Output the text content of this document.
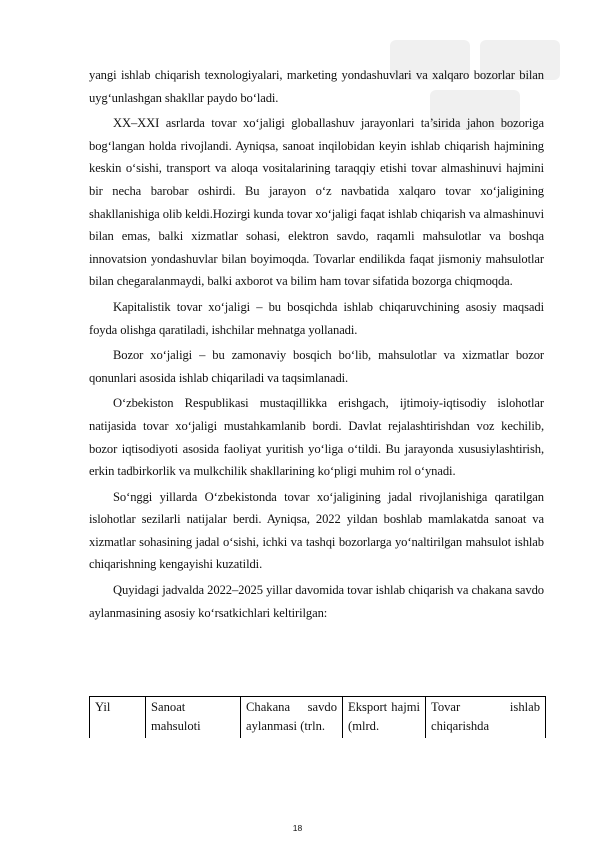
yangi ishlab chiqarish texnologiyalari, marketing yondashuvlari va xalqaro bozorlar bilan uyg‘unlashgan shakllar paydo bo‘ladi.

XX–XXI asrlarda tovar xo‘jaligi globallashuv jarayonlari ta’sirida jahon bozoriga bog‘langan holda rivojlandi. Ayniqsa, sanoat inqilobidan keyin ishlab chiqarish hajmining keskin o‘sishi, transport va aloqa vositalarining taraqqiy etishi tovar almashinuvi hajmini bir necha barobar oshirdi. Bu jarayon o‘z navbatida xalqaro tovar xo‘jaligining shakllanishiga olib keldi.Hozirgi kunda tovar xo‘jaligi faqat ishlab chiqarish va almashinuvi bilan emas, balki xizmatlar sohasi, elektron savdo, raqamli mahsulotlar va boshqa innovatsion yondashuvlar bilan boyimoqda. Tovarlar endilikda faqat jismoniy mahsulotlar bilan chegaralanmaydi, balki axborot va bilim ham tovar sifatida bozorga chiqmoqda.

Kapitalistik tovar xo‘jaligi – bu bosqichda ishlab chiqaruvchining asosiy maqsadi foyda olishga qaratiladi, ishchilar mehnatga yollanadi.

Bozor xo‘jaligi – bu zamonaviy bosqich bo‘lib, mahsulotlar va xizmatlar bozor qonunlari asosida ishlab chiqariladi va taqsimlanadi.

O‘zbekiston Respublikasi mustaqillikka erishgach, ijtimoiy-iqtisodiy islohotlar natijasida tovar xo‘jaligi mustahkamlanib bordi. Davlat rejalashtirishdan voz kechilib, bozor iqtisodiyoti asosida faoliyat yuritish yo‘liga o‘tildi. Bu jarayonda xususiylashtirish, erkin tadbirkorlik va mulkchilik shakllarining ko‘pligi muhim rol o‘ynadi.

So‘nggi yillarda O‘zbekistonda tovar xo‘jaligining jadal rivojlanishiga qaratilgan islohotlar sezilarli natijalar berdi. Ayniqsa, 2022 yildan boshlab mamlakatda sanoat va xizmatlar sohasining jadal o‘sishi, ichki va tashqi bozorlarga yo‘naltirilgan mahsulot ishlab chiqarishning kengayishi kuzatildi.

Quyidagi jadvalda 2022–2025 yillar davomida tovar ishlab chiqarish va chakana savdo aylanmasining asosiy ko‘rsatkichlari keltirilgan:

Yil	Sanoat mahsuloti	Chakana savdo aylanmasi (trln.	Eksport hajmi (mlrd.	Tovar ishlab chiqarishda
18
